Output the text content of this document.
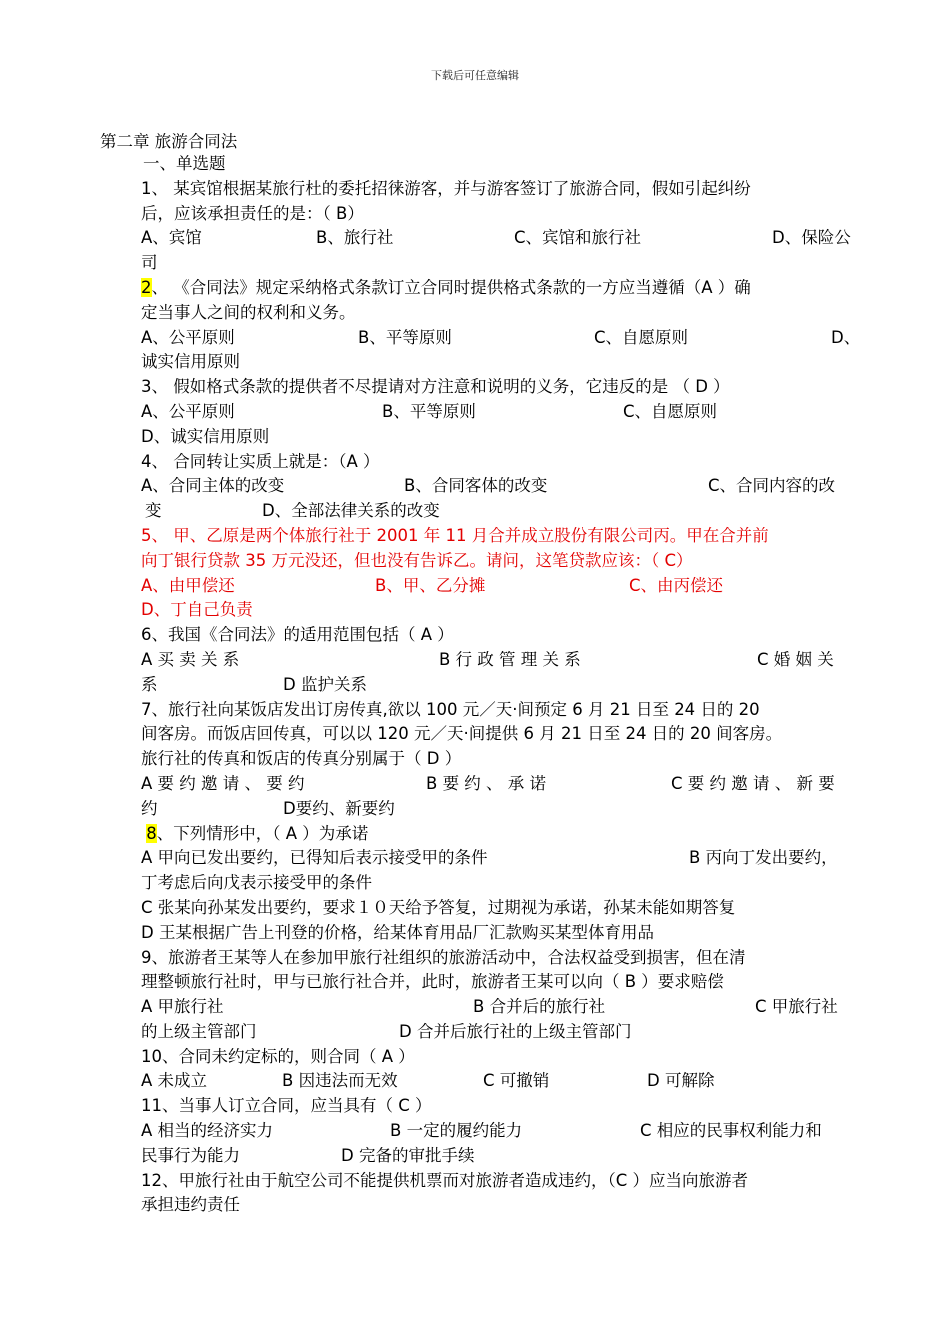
下载后可任意编辑
第二章 旅游合同法
一、单选题
1、 某宾馆根据某旅行杜的委托招徕游客，并与游客签订了旅游合同，假如引起纠纷
后，应该承担责任的是：（ B）
A、宾馆	B、旅行社	C、宾馆和旅行社	D、保险公
司
2、 《合同法》规定采纳格式条款订立合同时提供格式条款的一方应当遵循（A ）确
定当事人之间的权利和义务。
A、公平原则	B、平等原则	C、自愿原则	D、
诚实信用原则
3、 假如格式条款的提供者不尽提请对方注意和说明的义务，它违反的是 （ D ）
A、公平原则	B、平等原则	C、自愿原则
D、诚实信用原则
4、 合同转让实质上就是：（A ）
A、合同主体的改变	B、合同客体的改变	C、合同内容的改
变	D、全部法律关系的改变
5、 甲、乙原是两个体旅行社于 2001 年 11 月合并成立股份有限公司丙。甲在合并前
向丁银行贷款 35 万元没还，但也没有告诉乙。请问，这笔贷款应该：（ C）
A、由甲偿还	B、甲、乙分摊	C、由丙偿还
D、丁自己负责
6、我国《合同法》的适用范围包括（ A ）
A 买 卖 关 系	B 行 政 管 理 关 系	C 婚 姻 关
系	D 监护关系
7、旅行社向某饭店发出订房传真,欲以 100 元／天·间预定 6 月 21 日至 24 日的 20
间客房。而饭店回传真，可以以 120 元／天·间提供 6 月 21 日至 24 日的 20 间客房。
旅行社的传真和饭店的传真分别属于（ D ）
A 要 约 邀 请 、 要 约	B 要 约 、 承 诺	C 要 约 邀 请 、 新 要
约	D要约、新要约
8、下列情形中，（ A ）为承诺
A 甲向已发出要约，已得知后表示接受甲的条件	B 丙向丁发出要约，
丁考虑后向戊表示接受甲的条件
C 张某向孙某发出要约，要求１０天给予答复，过期视为承诺，孙某未能如期答复
D 王某根据广告上刊登的价格，给某体育用品厂汇款购买某型体育用品
9、旅游者王某等人在参加甲旅行社组织的旅游活动中，合法权益受到损害，但在清
理整顿旅行社时，甲与已旅行社合并，此时，旅游者王某可以向（ B ）要求赔偿
A 甲旅行社	B 合并后的旅行社	C 甲旅行社
的上级主管部门	D 合并后旅行社的上级主管部门
10、合同未约定标的，则合同（ A ）
A 未成立	B 因违法而无效	C 可撤销	D 可解除
11、当事人订立合同，应当具有（ C ）
A 相当的经济实力	B 一定的履约能力	C 相应的民事权利能力和
民事行为能力	D 完备的审批手续
12、甲旅行社由于航空公司不能提供机票而对旅游者造成违约，（C ）应当向旅游者
承担违约责任
